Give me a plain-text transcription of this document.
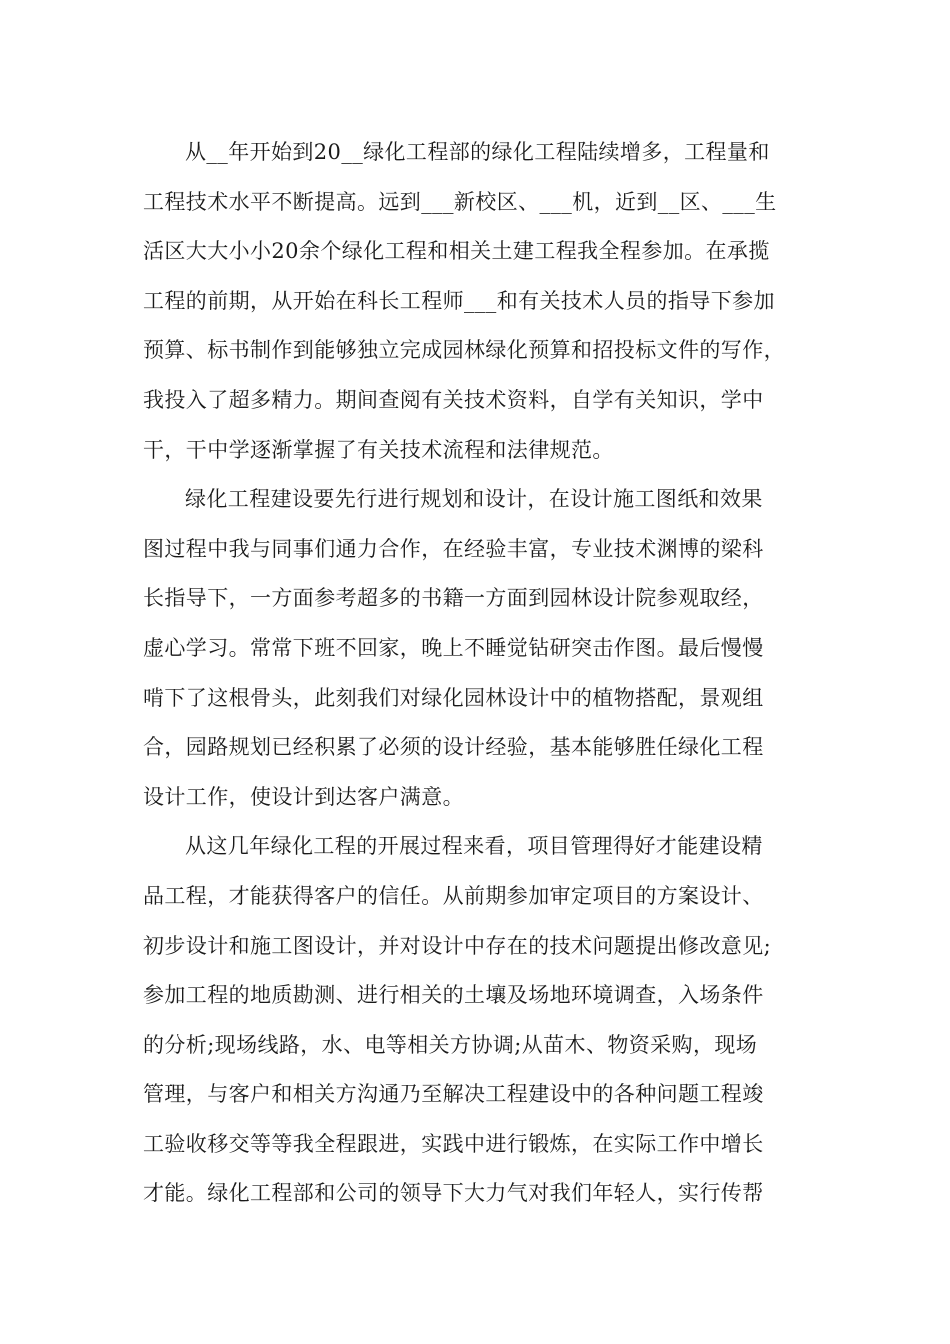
从__年开始到20__绿化工程部的绿化工程陆续增多，工程量和
工程技术水平不断提高。远到___新校区、___机，近到__区、___生
活区大大小小20余个绿化工程和相关土建工程我全程参加。在承揽
工程的前期，从开始在科长工程师___和有关技术人员的指导下参加
预算、标书制作到能够独立完成园林绿化预算和招投标文件的写作，
我投入了超多精力。期间查阅有关技术资料，自学有关知识，学中
干，干中学逐渐掌握了有关技术流程和法律规范。
绿化工程建设要先行进行规划和设计，在设计施工图纸和效果
图过程中我与同事们通力合作，在经验丰富，专业技术渊博的梁科
长指导下，一方面参考超多的书籍一方面到园林设计院参观取经，
虚心学习。常常下班不回家，晚上不睡觉钻研突击作图。最后慢慢
啃下了这根骨头，此刻我们对绿化园林设计中的植物搭配，景观组
合，园路规划已经积累了必须的设计经验，基本能够胜任绿化工程
设计工作，使设计到达客户满意。
从这几年绿化工程的开展过程来看，项目管理得好才能建设精
品工程，才能获得客户的信任。从前期参加审定项目的方案设计、
初步设计和施工图设计，并对设计中存在的技术问题提出修改意见;
参加工程的地质勘测、进行相关的土壤及场地环境调查，入场条件
的分析;现场线路，水、电等相关方协调;从苗木、物资采购，现场
管理，与客户和相关方沟通乃至解决工程建设中的各种问题工程竣
工验收移交等等我全程跟进，实践中进行锻炼，在实际工作中增长
才能。绿化工程部和公司的领导下大力气对我们年轻人，实行传帮
